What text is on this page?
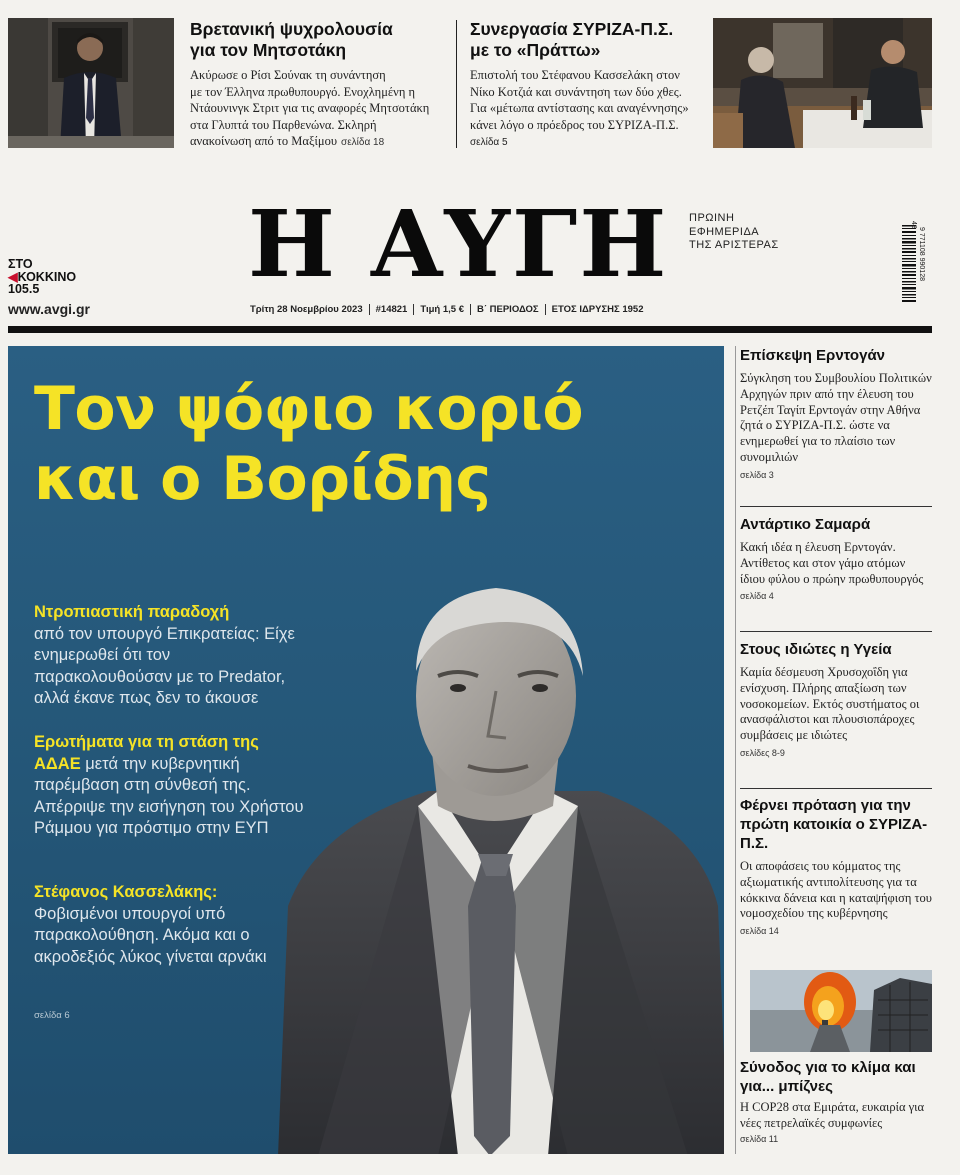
Βρετανική ψυχρολουσία
για τον Μητσοτάκη
Ακύρωσε ο Ρίσι Σούνακ τη συνάντηση
με τον Έλληνα πρωθυπουργό. Ενοχλημένη η
Ντάουνινγκ Στριτ για τις αναφορές Μητσοτάκη
στα Γλυπτά του Παρθενώνα. Σκληρή
ανακοίνωση από το Μαξίμου σελίδα 18
Συνεργασία ΣΥΡΙΖΑ-Π.Σ.
με το «Πράττω»
Επιστολή του Στέφανου Κασσελάκη στον
Νίκο Κοτζιά και συνάντηση των δύο χθες.
Για «μέτωπα αντίστασης και αναγέννησης»
κάνει λόγο ο πρόεδρος του ΣΥΡΙΖΑ-Π.Σ.
σελίδα 5
Η ΑΥΓΗ	ΠΡΩΙΝΗ
ΕΦΗΜΕΡΙΔΑ
ΤΗΣ ΑΡΙΣΤΕΡΑΣ
ΣΤΟ
◀ΚΟΚΚΙΝΟ
105.5
www.avgi.gr	Τρίτη 28 Νοεμβρίου 2023	#14821	Τιμή 1,5 €	Β΄ ΠΕΡΙΟΔΟΣ	ΕΤΟΣ ΙΔΡΥΣΗΣ 1952
48
9 771108 990128
Τον ψόφιο κοριό
και ο Βορίδης
Ντροπιαστική παραδοχή
από τον υπουργό Επικρατείας: Είχε ενημερωθεί ότι τον παρακολουθούσαν με το Predator, αλλά έκανε πως δεν το άκουσε
Ερωτήματα για τη στάση της ΑΔΑΕ μετά την κυβερνητική παρέμβαση στη σύνθεσή της. Απέρριψε την εισήγηση του Χρήστου Ράμμου για πρόστιμο στην ΕΥΠ
Στέφανος Κασσελάκης:
Φοβισμένοι υπουργοί υπό παρακολούθηση. Ακόμα και ο ακροδεξιός λύκος γίνεται αρνάκι
σελίδα 6
Επίσκεψη Ερντογάν
Σύγκληση του Συμβουλίου Πολιτικών Αρχηγών πριν από την έλευση του Ρετζέπ Ταγίπ Ερντογάν στην Αθήνα ζητά ο ΣΥΡΙΖΑ-Π.Σ. ώστε να ενημερωθεί για το πλαίσιο των συνομιλιών
σελίδα 3
Αντάρτικο Σαμαρά
Κακή ιδέα η έλευση Ερντογάν. Αντίθετος και στον γάμο ατόμων ίδιου φύλου ο πρώην πρωθυπουργός
σελίδα 4
Στους ιδιώτες η Υγεία
Καμία δέσμευση Χρυσοχοΐδη για ενίσχυση. Πλήρης απαξίωση των νοσοκομείων. Εκτός συστήματος οι ανασφάλιστοι και πλουσιοπάροχες συμβάσεις με ιδιώτες
σελίδες 8-9
Φέρνει πρόταση για την πρώτη κατοικία ο ΣΥΡΙΖΑ-Π.Σ.
Οι αποφάσεις του κόμματος της αξιωματικής αντιπολίτευσης για τα κόκκινα δάνεια και η καταψήφιση του νομοσχεδίου της κυβέρνησης
σελίδα 14
Σύνοδος για το κλίμα και για... μπίζνες
Η COP28 στα Εμιράτα, ευκαιρία για νέες πετρελαϊκές συμφωνίες
σελίδα 11
